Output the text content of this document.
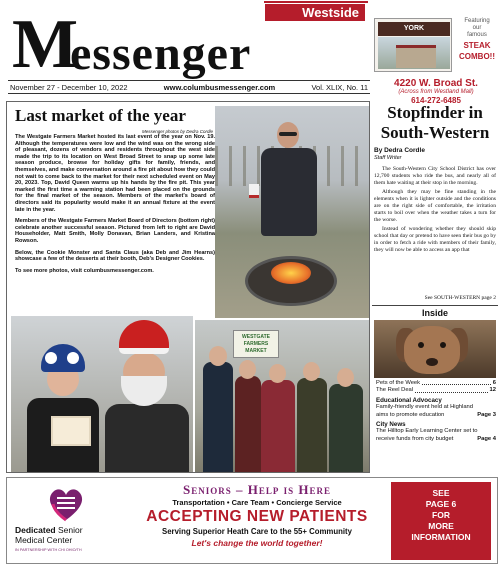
Westside
M
essenger	YORK
Featuring
our
famous
STEAK
COMBO!!
4220 W. Broad St.
(Across from Westland Mall)
614-272-6485
November 27 - December 10, 2022	www.columbusmessenger.com	Vol. XLIX, No. 11
Last market of the year
Messenger photos by Dedra Cordle

The Westgate Farmers Market hosted its last event of the year on Nov. 19. Although the temperatures were low and the wind was on the wrong side of pleasant, dozens of vendors and residents throughout the west side made the trip to its location on West Broad Street to snap up some late season produce, browse for holiday gifts for family, friends, and themselves, and make conversation around a fire pit about how they could not wait to come back to the market for their next scheduled event on May 20, 2023. Top, David Queen warms up his hands by the fire pit. This year marked the first time a warming station had been placed on the grounds for the final market of the season. Members of the market's board of directors said its popularity would make it an annual fixture at the event late in the year.

Members of the Westgate Farmers Market Board of Directors (bottom right) celebrate another successful season. Pictured from left to right are David Householder, Matt Smith, Molly Donavan, Brian Landers, and Kristina Rowson.

Below, the Cookie Monster and Santa Claus (aka Deb and Jim Hearns) showcase a few of the desserts at their booth, Deb's Designer Cookies.

To see more photos, visit columbusmessenger.com.

WESTGATE FARMERS MARKET
Stopfinder in South-Western
By Dedra Cordle
Staff Writer

The South-Western City School District has over 12,700 students who ride the bus, and nearly all of them hate waiting at their stop in the morning.

Although they may be fine standing in the elements when it is lighter outside and the conditions are on the right side of comfortable, the irritation starts to boil over when the weather takes a turn for the worse.

Instead of wondering whether they should skip school that day or pretend to have seen their bus go by in order to fetch a ride with members of their family, they will now be able to access an app that

See SOUTH-WESTERN page 2
Inside
Pets of the Week	6
The Reel Deal	12
Educational Advocacy
Family-friendly event held at Highland
aims to promote education	Page 3
City News
The Hilltop Early Learning Center set to
receive funds from city budget	Page 4
Dedicated Senior
Medical Center
IN PARTNERSHIP WITH CHI OHIO/TH
Seniors – Help is Here
Transportation • Care Team • Concierge Service
ACCEPTING NEW PATIENTS
Serving Superior Heath Care to the 55+ Community
Let's change the world together!
SEE
PAGE 6
FOR
MORE
INFORMATION
